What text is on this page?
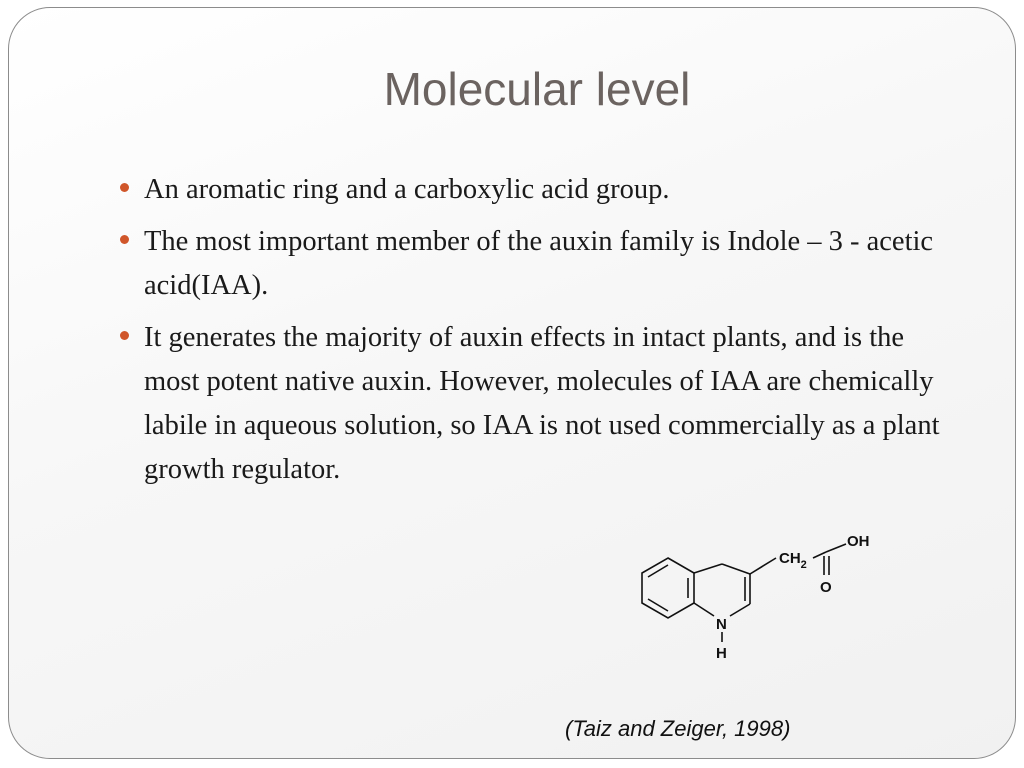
Molecular level
An aromatic ring and a carboxylic acid group.
The most important member of the auxin family is Indole – 3 - acetic acid(IAA).
It generates the majority of auxin effects in intact plants, and is the most potent native auxin. However, molecules of IAA are chemically labile in aqueous solution, so IAA is not used commercially as a plant growth regulator.
$CH_2$
OH
O
N
H

(Taiz and Zeiger, 1998)
